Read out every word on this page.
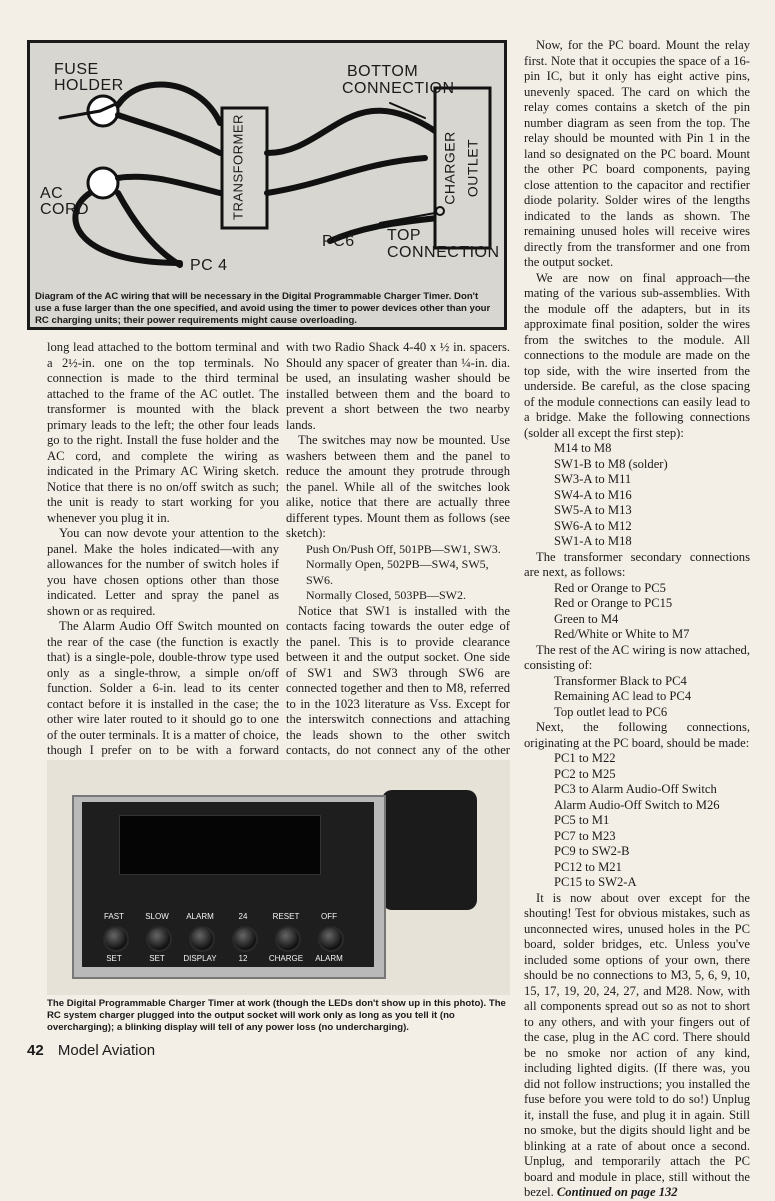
FUSE
HOLDER
AC
CORD
BOTTOM
CONNECTION
TRANSFORMER	CHARGER OUTLET
PC6 TOP
CONNECTION
PC 4
Diagram of the AC wiring that will be necessary in the Digital Programmable Charger Timer. Don't use a fuse larger than the one specified, and avoid using the timer to power devices other than your RC charging units; their power requirements might cause overloading.

long lead attached to the bottom terminal and a 2½-in. one on the top terminals. No connection is made to the third terminal attached to the frame of the AC outlet. The transformer is mounted with the black primary leads to the left; the other four leads go to the right. Install the fuse holder and the AC cord, and complete the wiring as indicated in the Primary AC Wiring sketch. Notice that there is no on/off switch as such; the unit is ready to start working for you whenever you plug it in.

You can now devote your attention to the panel. Make the holes indicated—with any allowances for the number of switch holes if you have chosen options other than those indicated. Letter and spray the panel as shown or as required.

The Alarm Audio Off Switch mounted on the rear of the case (the function is exactly that) is a single-pole, double-throw type used only as a single-throw, a simple on/off function. Solder a 6-in. lead to its center contact before it is installed in the case; the other wire later routed to it should go to one of the outer terminals. It is a matter of choice, though I prefer on to be with a forward

with two Radio Shack 4-40 x ½ in. spacers. Should any spacer of greater than ¼-in. dia. be used, an insulating washer should be installed between them and the board to prevent a short between the two nearby lands.

The switches may now be mounted. Use washers between them and the panel to reduce the amount they protrude through the panel. While all of the switches look alike, notice that there are actually three different types. Mount them as follows (see sketch):

Push On/Push Off, 501PB—SW1, SW3.
Normally Open, 502PB—SW4, SW5, SW6.
Normally Closed, 503PB—SW2.

Notice that SW1 is installed with the contacts facing towards the outer edge of the panel. This is to provide clearance between it and the output socket. One side of SW1 and SW3 through SW6 are connected together and then to M8, referred to in the 1023 literature as Vss. Except for the interswitch connections and attaching the leads shown to the other switch contacts, do not connect any of the other

Now, for the PC board. Mount the relay first. Note that it occupies the space of a 16-pin IC, but it only has eight active pins, unevenly spaced. The card on which the relay comes contains a sketch of the pin number diagram as seen from the top. The relay should be mounted with Pin 1 in the land so designated on the PC board. Mount the other PC board components, paying close attention to the capacitor and rectifier diode polarity. Solder wires of the lengths indicated to the lands as shown. The remaining unused holes will receive wires directly from the transformer and one from the output socket.

We are now on final approach—the mating of the various sub-assemblies. With the module off the adapters, but in its approximate final position, solder the wires from the switches to the module. All connections to the module are made on the top side, with the wire inserted from the underside. Be careful, as the close spacing of the module connections can easily lead to a bridge. Make the following connections (solder all except the first step):

M14 to M8
SW1-B to M8 (solder)
SW3-A to M11
SW4-A to M16
SW5-A to M13
SW6-A to M12
SW1-A to M18

The transformer secondary connections are next, as follows:

Red or Orange to PC5
Red or Orange to PC15
Green to M4
Red/White or White to M7

The rest of the AC wiring is now attached, consisting of:

Transformer Black to PC4
Remaining AC lead to PC4
Top outlet lead to PC6

Next, the following connections, originating at the PC board, should be made:

PC1 to M22
PC2 to M25
PC3 to Alarm Audio-Off Switch
Alarm Audio-Off Switch to M26
PC5 to M1
PC7 to M23
PC9 to SW2-B
PC12 to M21
PC15 to SW2-A

It is now about over except for the shouting! Test for obvious mistakes, such as unconnected wires, unused holes in the PC board, solder bridges, etc. Unless you've included some options of your own, there should be no connections to M3, 5, 6, 9, 10, 15, 17, 19, 20, 24, 27, and M28. Now, with all components spread out so as not to short to any others, and with your fingers out of the case, plug in the AC cord. There should be no smoke nor action of any kind, including lighted digits. (If there was, you did not follow instructions; you installed the fuse before you were told to do so!) Unplug it, install the fuse, and plug it in again. Still no smoke, but the digits should light and be blinking at a rate of about once a second. Unplug, and temporarily attach the PC board and module in place, still without the bezel. Continued on page 132

FAST	SLOW	ALARM	24	RESET	OFF
SET	SET	DISPLAY	12	CHARGE	ALARM
The Digital Programmable Charger Timer at work (though the LEDs don't show up in this photo). The RC system charger plugged into the output socket will work only as long as you tell it (no overcharging); a blinking display will tell of any power loss (no undercharging).
42 Model Aviation
